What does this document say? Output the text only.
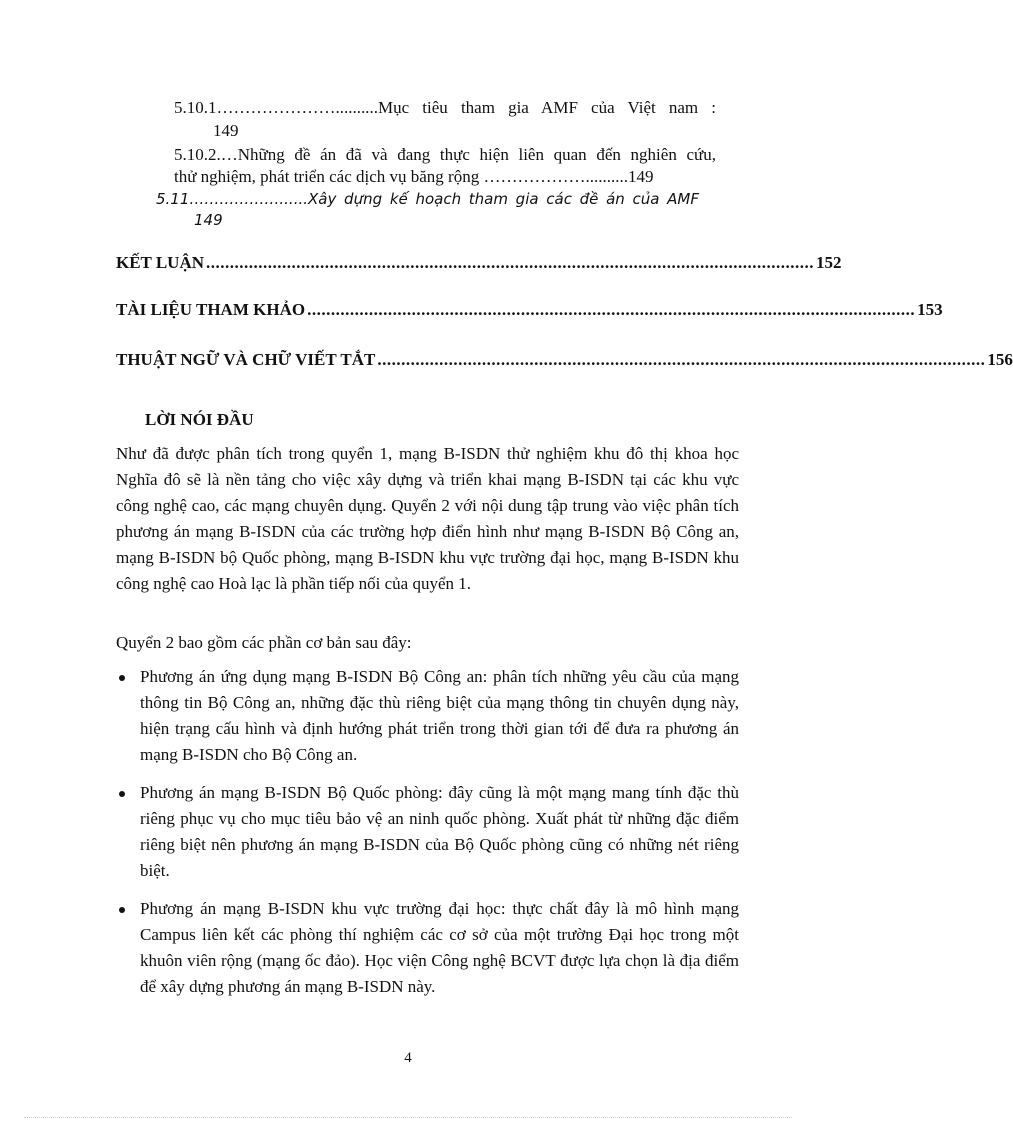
5.10.1…………………..........Mục tiêu tham gia AMF của Việt nam :
149
5.10.2.…Những đề án đã và đang thực hiện liên quan đến nghiên cứu,
thử nghiệm, phát triển các dịch vụ băng rộng ………………..........149
5.11………………......Xây dựng kế hoạch tham gia các đề án của AMF
149
KẾT LUẬN ................................................................................................................................ 152
TÀI LIỆU THAM KHẢO ................................................................................................................................ 153
THUẬT NGỮ VÀ CHỮ VIẾT TẮT ................................................................................................................................ 156
LỜI NÓI ĐẦU

Như đã được phân tích trong quyển 1, mạng B-ISDN thử nghiệm khu đô thị khoa học Nghĩa đô sẽ là nền tảng cho việc xây dựng và triển khai mạng B-ISDN tại các khu vực công nghệ cao, các mạng chuyên dụng. Quyển 2 với nội dung tập trung vào việc phân tích phương án mạng B-ISDN của các trường hợp điển hình như mạng B-ISDN Bộ Công an, mạng B-ISDN bộ Quốc phòng, mạng B-ISDN khu vực trường đại học, mạng B-ISDN khu công nghệ cao Hoà lạc là phần tiếp nối của quyển 1.

Quyển 2 bao gồm các phần cơ bản sau đây:

Phương án ứng dụng mạng B-ISDN Bộ Công an: phân tích những yêu cầu của mạng thông tin Bộ Công an, những đặc thù riêng biệt của mạng thông tin chuyên dụng này, hiện trạng cấu hình và định hướng phát triển trong thời gian tới để đưa ra phương án mạng B-ISDN cho Bộ Công an.
Phương án mạng B-ISDN Bộ Quốc phòng: đây cũng là một mạng mang tính đặc thù riêng phục vụ cho mục tiêu bảo vệ an ninh quốc phòng. Xuất phát từ những đặc điểm riêng biệt nên phương án mạng B-ISDN của Bộ Quốc phòng cũng có những nét riêng biệt.
Phương án mạng B-ISDN khu vực trường đại học: thực chất đây là mô hình mạng Campus liên kết các phòng thí nghiệm các cơ sở của một trường Đại học trong một khuôn viên rộng (mạng ốc đảo). Học viện Công nghệ BCVT được lựa chọn là địa điểm để xây dựng phương án mạng B-ISDN này.
4
